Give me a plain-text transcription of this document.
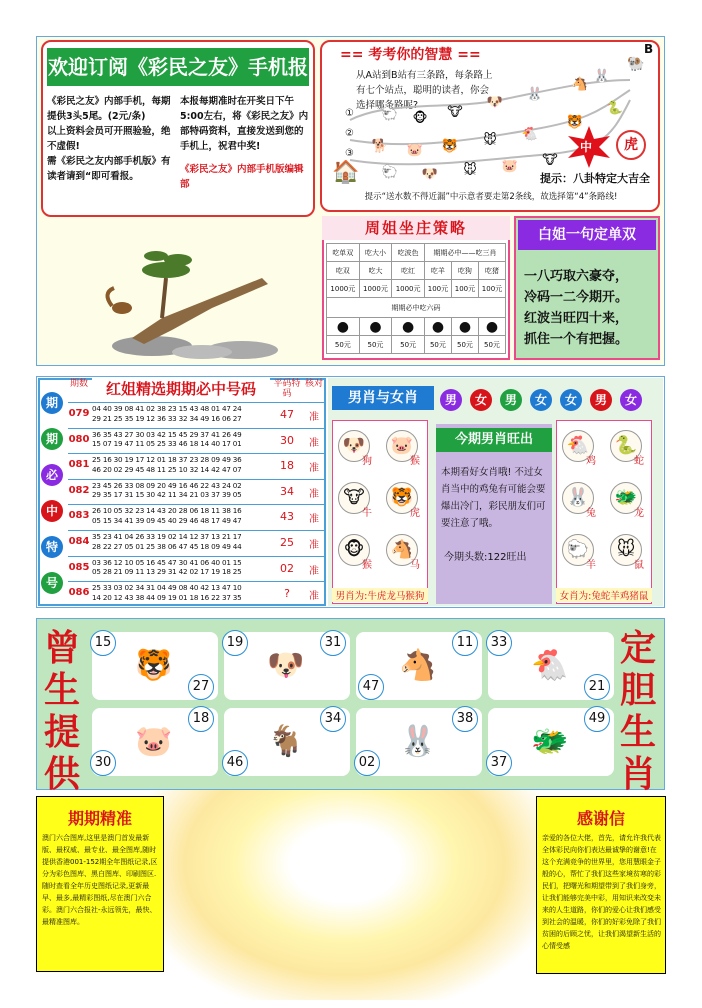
欢迎订阅《彩民之友》手机报
《彩民之友》内部手机，每期提供3头5尾。(2元/条)
以上资料会员可开照验验，绝不虚假!
需《彩民之友内部手机版》有读者请到“即可看报。
本报每期准时在开奖日下午5:00左右，将《彩民之友》内部特码资料，直接发送到您的手机上，祝君中奖!
《彩民之友》内部手机版编辑部
== 考考你的智慧 ==	B
🐏
从A站到B站有三条路，每条路上有七个站点，聪明的读者，你会选择哪条路呢?
🐑 🐵 🐮
🐶
🐰
🐴
🐕 🐷 🐯 🐭 🐔
🐯
🐑 🐶 🐭 🐷 🐮
🐰
🐍
①
②
③
🏠
中	虎
提示：八卦特定大吉全
提示“送水数不得近漏”中示意者要走第2条线，故选择第“4”条路线!
周姐坐庄策略
吃单双	吃大小	吃波色	期期必中——吃三肖		
吃双	吃大	吃红	吃羊	吃狗	吃猪
1000元	1000元	1000元	100元	100元	100元
期期必中吃六码					
●	●	●	●	●	●
50元	50元	50元	50元	50元	50元
白姐一句定单双
一八巧取六豪夺，
冷码一二今期开。
红波当旺四十来，
抓住一个有把握。
期
期
必
中
特
号
期数	红姐精选期期必中号码	平码特码
核对
079 04 40 39 08 41 02 38 23 15 43 48 01 47 24
29 21 25 35 19 12 36 33 32 34 49 16 06 27	47	准
080 36 35 43 27 30 03 42 15 45 29 37 41 26 49
15 07 19 47 11 05 25 33 46 18 14 40 17 01	30	准
081 25 16 30 19 17 12 01 18 37 23 28 09 49 36
46 20 02 29 45 48 11 25 10 32 14 42 47 07	18	准
082 23 45 26 33 08 09 20 49 16 46 22 43 24 02
29 35 17 31 15 30 42 11 34 21 03 37 39 05	34	准
083 26 10 05 32 23 14 43 20 28 06 18 11 38 16
05 15 34 41 39 09 45 40 29 46 48 17 49 47	43	准
084 35 23 41 04 26 33 19 02 14 12 37 13 21 17
28 22 27 05 01 25 38 06 47 45 18 09 49 44	25	准
085 03 36 12 10 05 16 45 47 30 41 06 40 01 15
05 28 21 09 11 13 29 31 42 02 17 19 18 25	02	准
086 25 33 03 02 34 31 04 49 08 40 42 13 47 10
14 20 12 43 38 44 09 19 01 18 16 22 37 35	?	准
男肖与女肖	男	女	男	女	女	男	女
🐶
狗
🐷
猴
🐮
牛
🐯
虎
🐵
猴
🐴
马
🐔
鸡
🐍
蛇
🐰
兔
🐲
龙
🐑
羊
🐭
鼠
今期男肖旺出
本期看好女肖哦! 不过女肖当中的鸡兔有可能会要爆出冷门，彩民朋友们可要注意了哦。
今期头数:122旺出
男肖为:牛虎龙马猴狗	女肖为:兔蛇羊鸡猪鼠
曾
生
提
供
定
胆
生
肖
🐯
15
27
🐶
19	31
🐴
11
47
🐔
33
21
🐷
18
30
🐐
34
46
🐰
38
02
🐲
49
37
期期精准
澳门六合图库,这里是澳门首发最新版、最权威、最专业、最全图库,随时提供香港001-152期全年图纸记录,区分为彩色图库、黑白图库、印刷图区.随时查看全年历史图纸记录,更新最早、最多,最精彩图纸,尽在澳门六合彩。澳门六合报社-永远领先，最快、最精准图库。
感谢信
亲爱的各位大佬，首先，请允许我代表全体彩民向你们表达最诚挚的谢意!在这个充满竞争的世界里，您用慧眼金子般的心，帮忙了我们这些家境贫寒的彩民们，把曙光和期望带到了我们身旁，让我们能够完美中彩，用知识来改变未来的人生道路，你们的爱心让我们感受到社会的温暖，你们的好彩免除了我们贫困的后顾之忧，让我们渴望新生活的心情受感
